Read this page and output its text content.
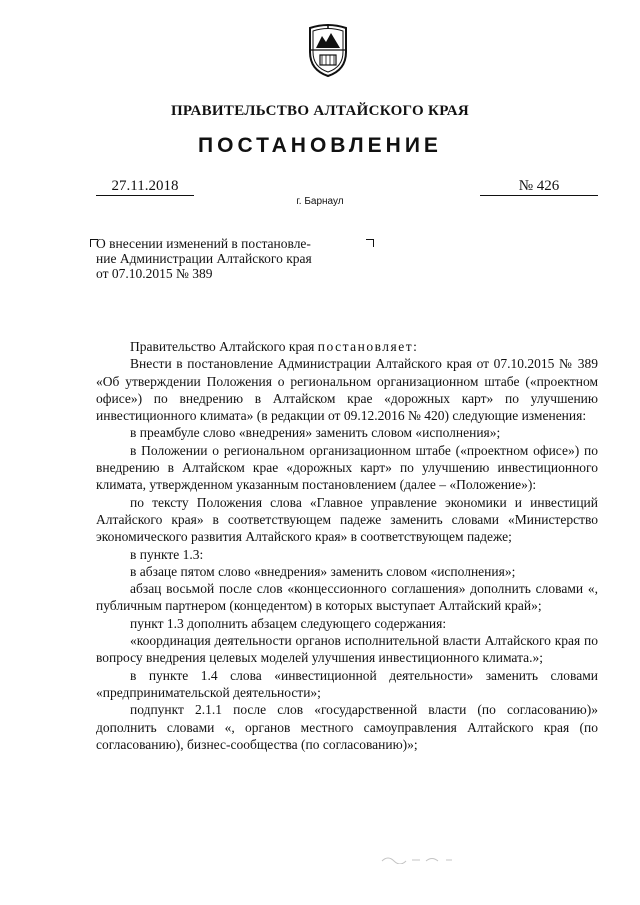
ПРАВИТЕЛЬСТВО АЛТАЙСКОГО КРАЯ
ПОСТАНОВЛЕНИЕ
27.11.2018	№ 426
г. Барнаул
О внесении изменений в постановле-
ние Администрации Алтайского края
от 07.10.2015 № 389

Правительство Алтайского края постановляет:

Внести в постановление Администрации Алтайского края от 07.10.2015 № 389 «Об утверждении Положения о региональном организационном штабе («проектном офисе») по внедрению в Алтайском крае «дорожных карт» по улучшению инвестиционного климата» (в редакции от 09.12.2016 № 420) следующие изменения:

в преамбуле слово «внедрения» заменить словом «исполнения»;

в Положении о региональном организационном штабе («проектном офисе») по внедрению в Алтайском крае «дорожных карт» по улучшению инвестиционного климата, утвержденном указанным постановлением (далее – «Положение»):

по тексту Положения слова «Главное управление экономики и инвестиций Алтайского края» в соответствующем падеже заменить словами «Министерство экономического развития Алтайского края» в соответствующем падеже;

в пункте 1.3:

в абзаце пятом слово «внедрения» заменить словом «исполнения»;

абзац восьмой после слов «концессионного соглашения» дополнить словами «, публичным партнером (концедентом) в которых выступает Алтайский край»;

пункт 1.3 дополнить абзацем следующего содержания:

«координация деятельности органов исполнительной власти Алтайского края по вопросу внедрения целевых моделей улучшения инвестиционного климата.»;

в пункте 1.4 слова «инвестиционной деятельности» заменить словами «предпринимательской деятельности»;

подпункт 2.1.1 после слов «государственной власти (по согласованию)» дополнить словами «, органов местного самоуправления Алтайского края (по согласованию), бизнес-сообщества (по согласованию)»;
